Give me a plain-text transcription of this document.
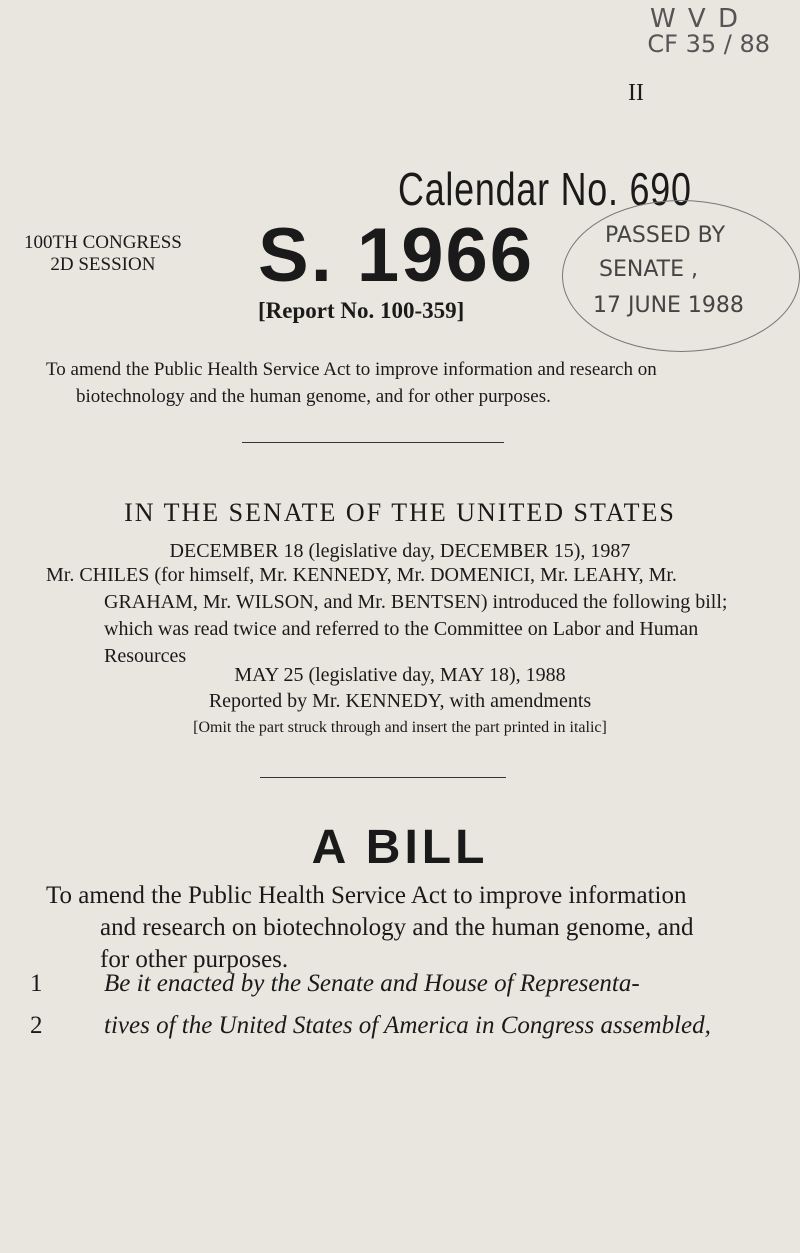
W V D
CF 35 / 88
II
Calendar No. 690
100TH CONGRESS
2D SESSION	S. 1966
[Report No. 100-359]
PASSED BY
SENATE ,
17 JUNE 1988
To amend the Public Health Service Act to improve information and research on biotechnology and the human genome, and for other purposes.
IN THE SENATE OF THE UNITED STATES
DECEMBER 18 (legislative day, DECEMBER 15), 1987
Mr. CHILES (for himself, Mr. KENNEDY, Mr. DOMENICI, Mr. LEAHY, Mr. GRAHAM, Mr. WILSON, and Mr. BENTSEN) introduced the following bill; which was read twice and referred to the Committee on Labor and Human Resources
MAY 25 (legislative day, MAY 18), 1988
Reported by Mr. KENNEDY, with amendments
[Omit the part struck through and insert the part printed in italic]
A BILL
To amend the Public Health Service Act to improve information
and research on biotechnology and the human genome, and
for other purposes.
1 Be it enacted by the Senate and House of Representa-
2 tives of the United States of America in Congress assembled,
